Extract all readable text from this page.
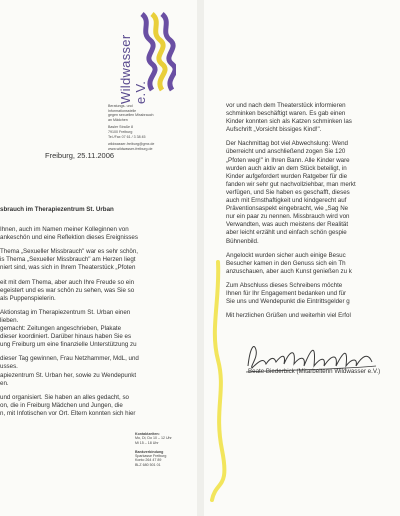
Wildwasser e.V.
Beratungs- und
Informationsstelle
gegen sexuellen Missbrauch
an Mädchen
Basler Straße 8
79100 Freiburg
Tel./Fax 07 61 / 3 38 45
wildwasser-freiburg@gmx.de
www.wildwasser-freiburg.de
Freiburg, 25.11.2006
sbrauch im Therapiezentrum St. Urban
Ihnen, auch im Namen meiner Kolleginnen von
ankeschön und eine Reflektion dieses Ereignisses
Thema „Sexueller Missbrauch" war es sehr schön,
is Thema „Sexueller Missbrauch" am Herzen liegt
niert sind, was sich in Ihrem Theaterstück „Pfoten
eit mit dem Thema, aber auch Ihre Freude so ein
egeistert und es war schön zu sehen, was Sie so
als Puppenspielerin.
Aktionstag im Therapiezentrum St. Urban einen
lieben.
gemacht: Zeitungen angeschrieben, Plakate
dieser koordiniert. Darüber hinaus haben Sie es
ung Freiburg um eine finanzielle Unterstützung zu
dieser Tag gewinnen, Frau Netzhammer, MdL, und
usses.
apiezentrum St. Urban her, sowie zu Wendepunkt
en.
und organisiert. Sie haben an alles gedacht, so
on, die in Freiburg Mädchen und Jungen, die
n, mit Infotischen vor Ort. Eltern konnten sich hier
Kontaktzeiten:
Mo, Di, Do 10 – 12 Uhr
Mi 15 – 18 Uhr

Bankverbindung
Sparkasse Freiburg
Konto 264 47 89
BLZ 680 501 01
vor und nach dem Theaterstück informieren
schminken beschäftigt waren. Es gab einen
Kinder konnten sich als Katzen schminken las
Aufschrift „Vorsicht bissiges Kind!".
Der Nachmittag bot viel Abwechslung: Wend
überreicht und anschließend zogen Sie 120
„Pfoten weg!" in Ihren Bann. Alle Kinder ware
wurden auch aktiv an dem Stück beteiligt, in
Kinder aufgefordert wurden Ratgeber für die
fanden wir sehr gut nachvollziehbar, man merkt
verfügen, und Sie haben es geschafft, dieses
auch mit Ernsthaftigkeit und kindgerecht auf
Präventionsaspekt eingebracht, wie „Sag Ne
nur ein paar zu nennen. Missbrauch wird von
Verwandten, was auch meistens der Realität
aber leicht erzählt und einfach schön gespie
Bühnenbild.
Angelockt wurden sicher auch einige Besuc
Besucher kamen in den Genuss sich ein Th
anzuschauen, aber auch Kunst genießen zu k
Zum Abschluss dieses Schreibens möchte
Ihnen für Ihr Engagement bedanken und für
Sie uns und Wendepunkt die Eintrittsgelder g
Mit herzlichen Grüßen und weiterhin viel Erfol
Beate Biederbick (Mitarbeiterin Wildwasser e.V.)
